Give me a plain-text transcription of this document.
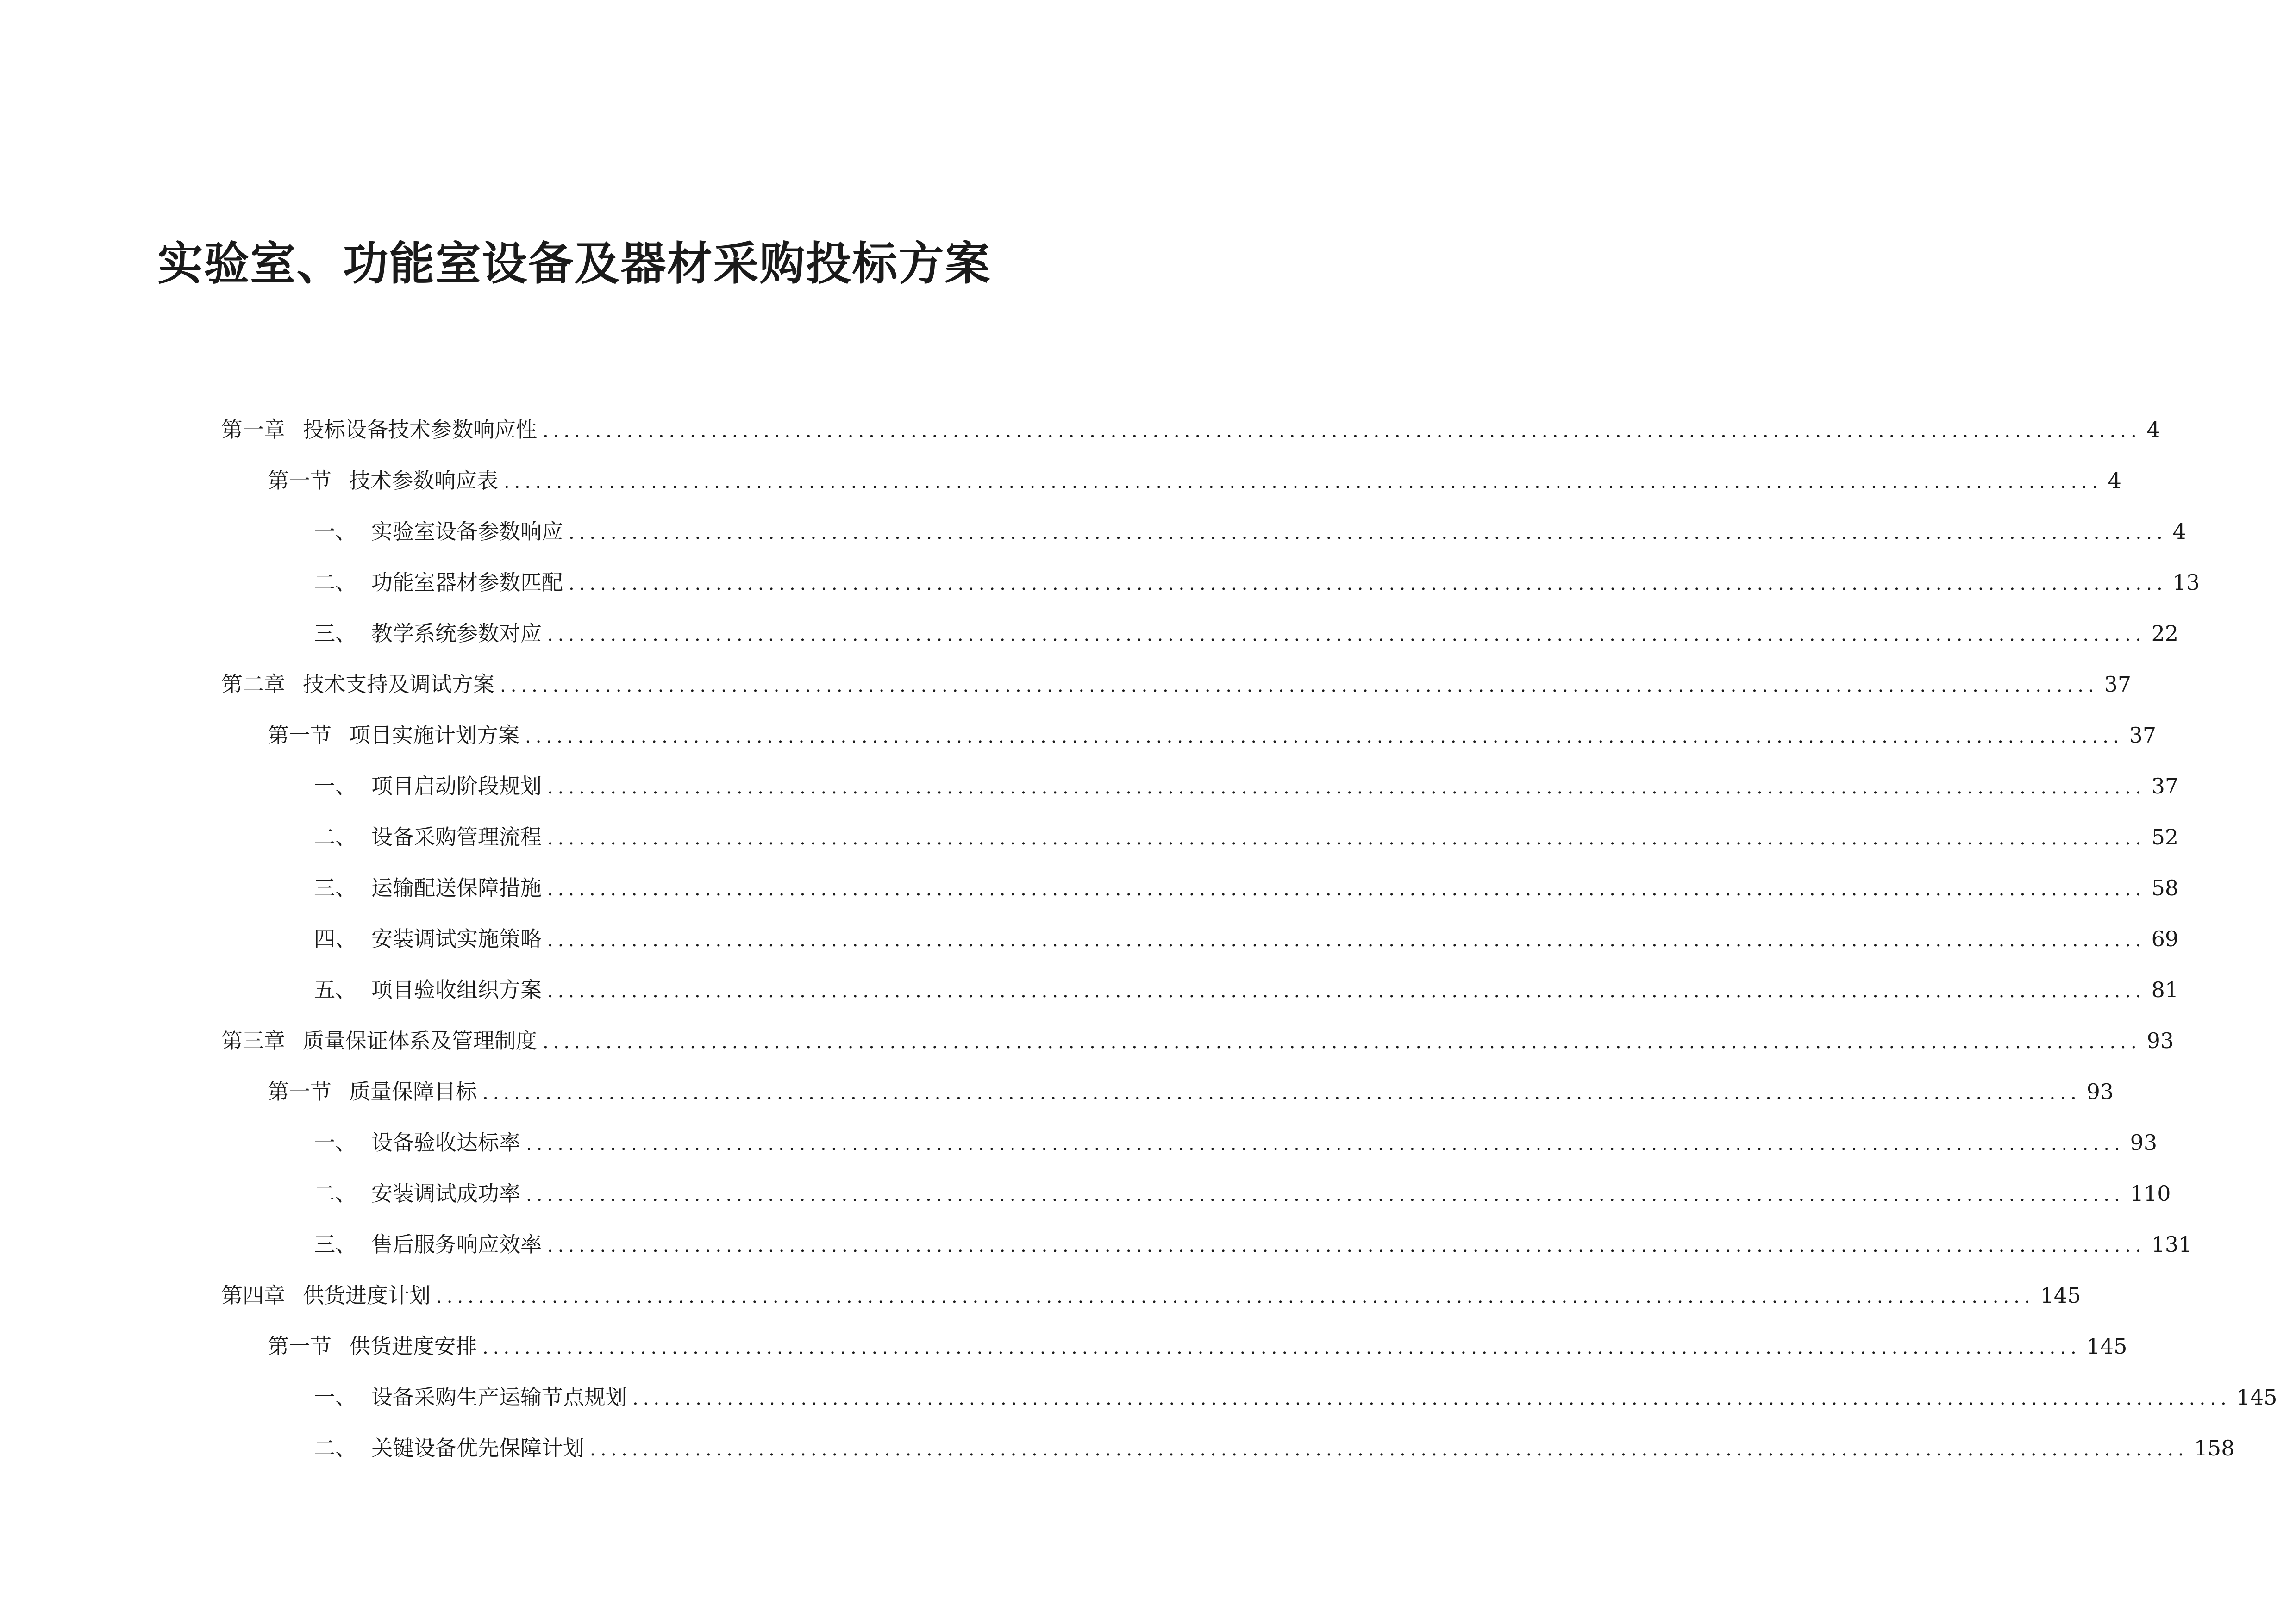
实验室、功能室设备及器材采购投标方案
第一章 投标设备技术参数响应性 ........................................................................................................................................................ 4
第一节 技术参数响应表 ........................................................................................................................................................ 4
一、 实验室设备参数响应 ........................................................................................................................................................ 4
二、 功能室器材参数匹配 ........................................................................................................................................................ 13
三、 教学系统参数对应 ........................................................................................................................................................ 22
第二章 技术支持及调试方案 ........................................................................................................................................................ 37
第一节 项目实施计划方案 ........................................................................................................................................................ 37
一、 项目启动阶段规划 ........................................................................................................................................................ 37
二、 设备采购管理流程 ........................................................................................................................................................ 52
三、 运输配送保障措施 ........................................................................................................................................................ 58
四、 安装调试实施策略 ........................................................................................................................................................ 69
五、 项目验收组织方案 ........................................................................................................................................................ 81
第三章 质量保证体系及管理制度 ........................................................................................................................................................ 93
第一节 质量保障目标 ........................................................................................................................................................ 93
一、 设备验收达标率 ........................................................................................................................................................ 93
二、 安装调试成功率 ........................................................................................................................................................ 110
三、 售后服务响应效率 ........................................................................................................................................................ 131
第四章 供货进度计划 ........................................................................................................................................................ 145
第一节 供货进度安排 ........................................................................................................................................................ 145
一、 设备采购生产运输节点规划 ........................................................................................................................................................ 145
二、 关键设备优先保障计划 ........................................................................................................................................................ 158
